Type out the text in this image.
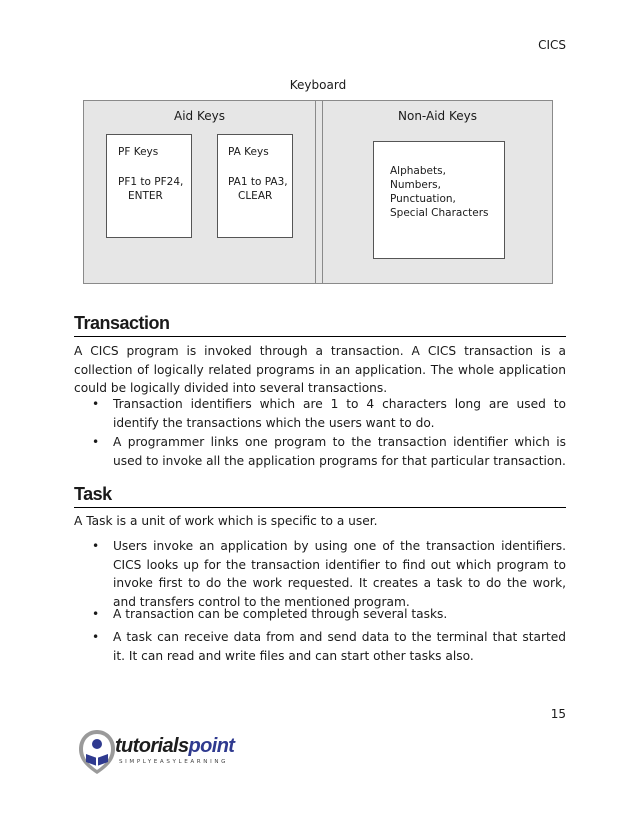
CICS
Keyboard
Aid Keys
PF Keys
PF1 to PF24,
ENTER
PA Keys
PA1 to PA3,
CLEAR
Non-Aid Keys
Alphabets,
Numbers,
Punctuation,
Special Characters
Transaction
A CICS program is invoked through a transaction. A CICS transaction is a collection of logically related programs in an application. The whole application could be logically divided into several transactions.
• Transaction identifiers which are 1 to 4 characters long are used to identify the transactions which the users want to do.
• A programmer links one program to the transaction identifier which is used to invoke all the application programs for that particular transaction.
Task
A Task is a unit of work which is specific to a user.
• Users invoke an application by using one of the transaction identifiers. CICS looks up for the transaction identifier to find out which program to invoke first to do the work requested. It creates a task to do the work, and transfers control to the mentioned program.
• A transaction can be completed through several tasks.
• A task can receive data from and send data to the terminal that started it. It can read and write files and can start other tasks also.
15
tutorialspoint
SIMPLYEASYLEARNING
